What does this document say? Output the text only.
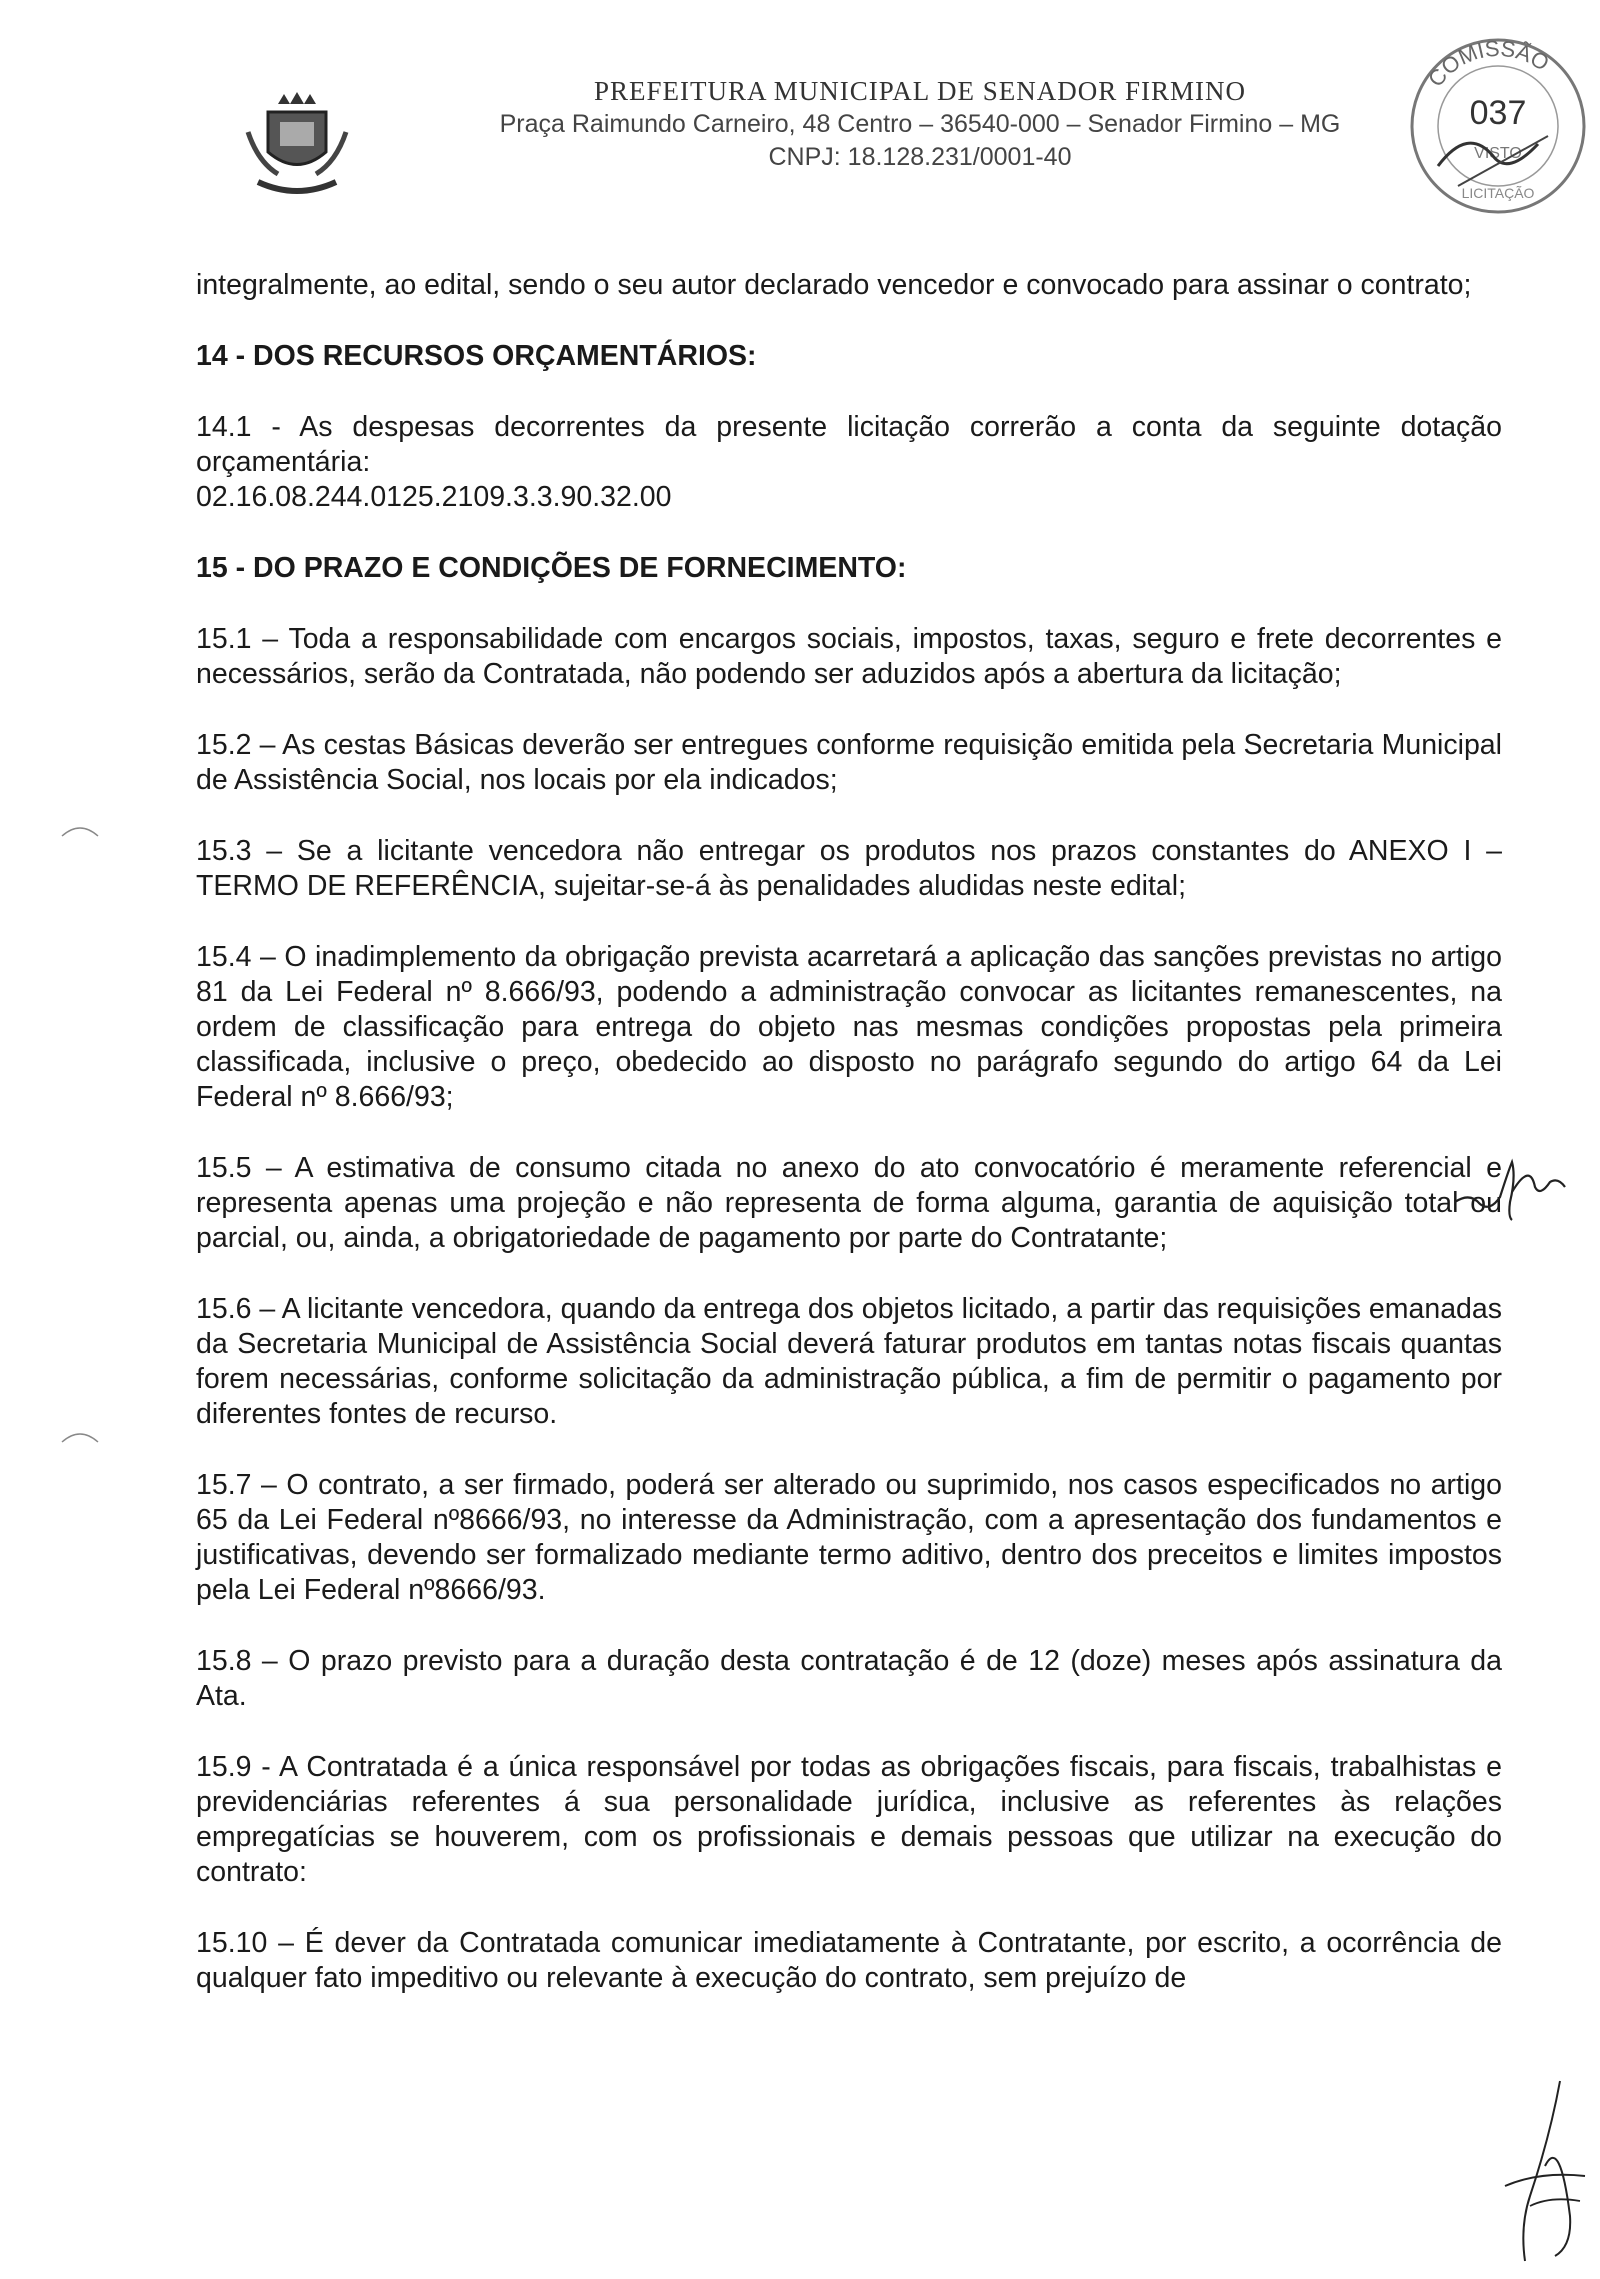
PREFEITURA MUNICIPAL DE SENADOR FIRMINO
Praça Raimundo Carneiro, 48 Centro – 36540-000 – Senador Firmino – MG
CNPJ: 18.128.231/0001-40
COMISSÃO
037
VISTO
LICITAÇÃO

integralmente, ao edital, sendo o seu autor declarado vencedor e convocado para assinar o contrato;

14 - DOS RECURSOS ORÇAMENTÁRIOS:

14.1 - As despesas decorrentes da presente licitação correrão a conta da seguinte dotação orçamentária:

02.16.08.244.0125.2109.3.3.90.32.00

15 - DO PRAZO E CONDIÇÕES DE FORNECIMENTO:

15.1 – Toda a responsabilidade com encargos sociais, impostos, taxas, seguro e frete decorrentes e necessários, serão da Contratada, não podendo ser aduzidos após a abertura da licitação;

15.2 – As cestas Básicas deverão ser entregues conforme requisição emitida pela Secretaria Municipal de Assistência Social, nos locais por ela indicados;

15.3 – Se a licitante vencedora não entregar os produtos nos prazos constantes do ANEXO I – TERMO DE REFERÊNCIA, sujeitar-se-á às penalidades aludidas neste edital;

15.4 – O inadimplemento da obrigação prevista acarretará a aplicação das sanções previstas no artigo 81 da Lei Federal nº 8.666/93, podendo a administração convocar as licitantes remanescentes, na ordem de classificação para entrega do objeto nas mesmas condições propostas pela primeira classificada, inclusive o preço, obedecido ao disposto no parágrafo segundo do artigo 64 da Lei Federal nº 8.666/93;

15.5 – A estimativa de consumo citada no anexo do ato convocatório é meramente referencial e representa apenas uma projeção e não representa de forma alguma, garantia de aquisição total ou parcial, ou, ainda, a obrigatoriedade de pagamento por parte do Contratante;

15.6 – A licitante vencedora, quando da entrega dos objetos licitado, a partir das requisições emanadas da Secretaria Municipal de Assistência Social deverá faturar produtos em tantas notas fiscais quantas forem necessárias, conforme solicitação da administração pública, a fim de permitir o pagamento por diferentes fontes de recurso.

15.7 – O contrato, a ser firmado, poderá ser alterado ou suprimido, nos casos especificados no artigo 65 da Lei Federal nº8666/93, no interesse da Administração, com a apresentação dos fundamentos e justificativas, devendo ser formalizado mediante termo aditivo, dentro dos preceitos e limites impostos pela Lei Federal nº8666/93.

15.8 – O prazo previsto para a duração desta contratação é de 12 (doze) meses após assinatura da Ata.

15.9 - A Contratada é a única responsável por todas as obrigações fiscais, para fiscais, trabalhistas e previdenciárias referentes á sua personalidade jurídica, inclusive as referentes às relações empregatícias se houverem, com os profissionais e demais pessoas que utilizar na execução do contrato:

15.10 – É dever da Contratada comunicar imediatamente à Contratante, por escrito, a ocorrência de qualquer fato impeditivo ou relevante à execução do contrato, sem prejuízo de
